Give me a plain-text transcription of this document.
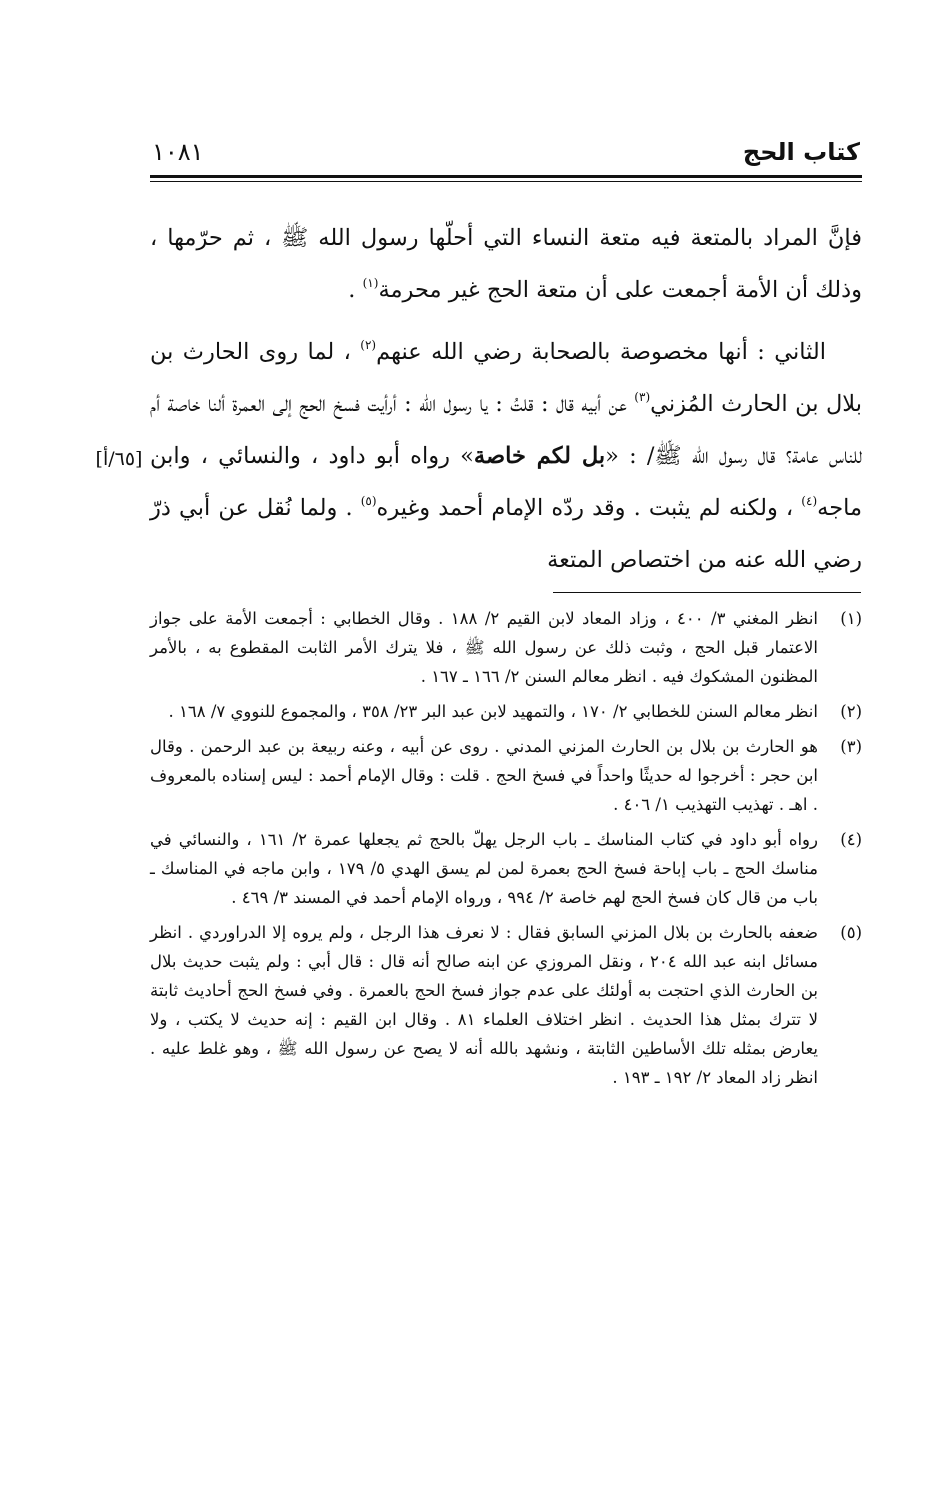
كتاب الحج
١٠٨١

فإنَّ المراد بالمتعة فيه متعة النساء التي أحلّها رسول الله ﷺ ، ثم حرّمها ، وذلك أن الأمة أجمعت على أن متعة الحج غير محرمة$^{(١)}$ .

الثاني : أنها مخصوصة بالصحابة رضي الله عنهم$^{(٢)}$ ، لما روى الحارث بن بلال بن الحارث المُزني$^{(٣)}$ عن أبيه قال : قلتُ : يا رسول الله : أرأيت فسخ الحج إلى العمرة ألنا خاصة أم للناس عامة؟ قال رسول الله ﷺ/ : «بل لكم خاصة» رواه أبو داود ، والنسائي ، وابن ماجه$^{(٤)}$ ، ولكنه لم يثبت . وقد ردّه الإمام أحمد وغيره$^{(٥)}$ . ولما نُقل عن أبي ذرّ رضي الله عنه من اختصاص المتعة

[٦٥/أ]
(١)
انظر المغني ٣/ ٤٠٠ ، وزاد المعاد لابن القيم ٢/ ١٨٨ . وقال الخطابي : أجمعت الأمة على جواز الاعتمار قبل الحج ، وثبت ذلك عن رسول الله ﷺ ، فلا يترك الأمر الثابت المقطوع به ، بالأمر المظنون المشكوك فيه . انظر معالم السنن ٢/ ١٦٦ ـ ١٦٧ .
(٢)
انظر معالم السنن للخطابي ٢/ ١٧٠ ، والتمهيد لابن عبد البر ٢٣/ ٣٥٨ ، والمجموع للنووي ٧/ ١٦٨ .
(٣)
هو الحارث بن بلال بن الحارث المزني المدني . روى عن أبيه ، وعنه ربيعة بن عبد الرحمن . وقال ابن حجر : أخرجوا له حديثًا واحداً في فسخ الحج . قلت : وقال الإمام أحمد : ليس إسناده بالمعروف . اهـ . تهذيب التهذيب ١/ ٤٠٦ .
(٤)
رواه أبو داود في كتاب المناسك ـ باب الرجل يهلّ بالحج ثم يجعلها عمرة ٢/ ١٦١ ، والنسائي في مناسك الحج ـ باب إباحة فسخ الحج بعمرة لمن لم يسق الهدي ٥/ ١٧٩ ، وابن ماجه في المناسك ـ باب من قال كان فسخ الحج لهم خاصة ٢/ ٩٩٤ ، ورواه الإمام أحمد في المسند ٣/ ٤٦٩ .
(٥)
ضعفه بالحارث بن بلال المزني السابق فقال : لا نعرف هذا الرجل ، ولم يروه إلا الدراوردي . انظر مسائل ابنه عبد الله ٢٠٤ ، ونقل المروزي عن ابنه صالح أنه قال : قال أبي : ولم يثبت حديث بلال بن الحارث الذي احتجت به أولئك على عدم جواز فسخ الحج بالعمرة . وفي فسخ الحج أحاديث ثابتة لا تترك بمثل هذا الحديث . انظر اختلاف العلماء ٨١ . وقال ابن القيم : إنه حديث لا يكتب ، ولا يعارض بمثله تلك الأساطين الثابتة ، ونشهد بالله أنه لا يصح عن رسول الله ﷺ ، وهو غلط عليه . انظر زاد المعاد ٢/ ١٩٢ ـ ١٩٣ .
